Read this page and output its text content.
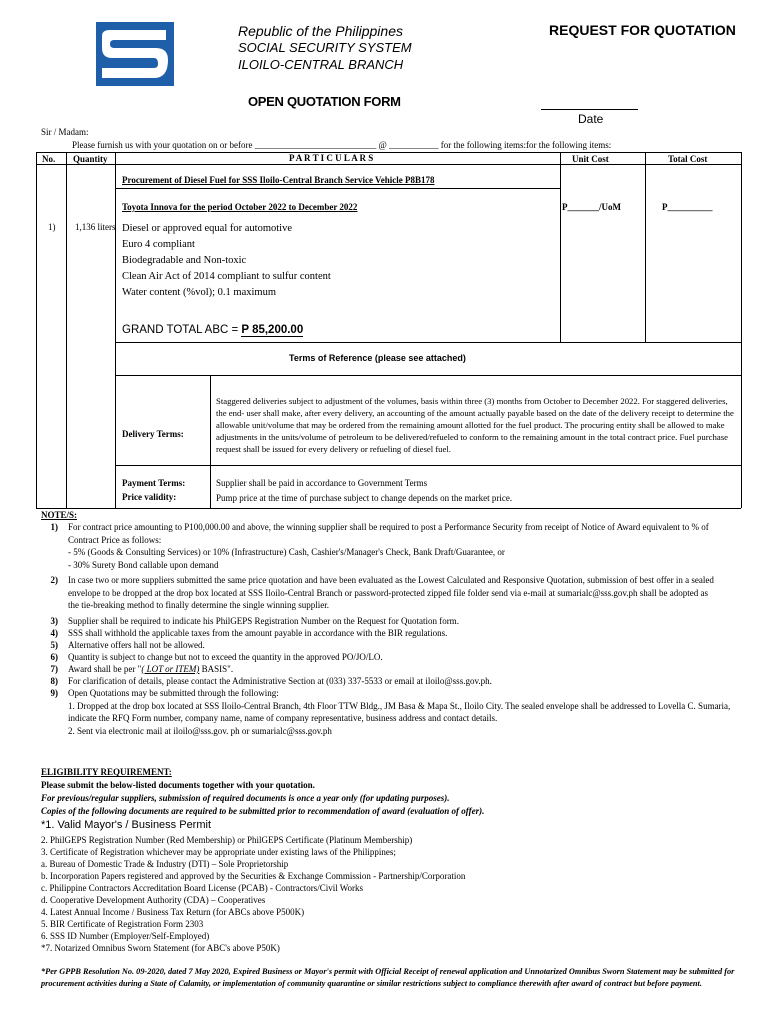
Republic of the Philippines
SOCIAL SECURITY SYSTEM
ILOILO-CENTRAL BRANCH
REQUEST FOR QUOTATION
OPEN QUOTATION FORM
Date
Sir / Madam:
Please furnish us with your quotation on or before ___________________________ @ ___________ for the following items:for the following items:
No. Quantity	P A R T I C U L A R S	Unit Cost	Total Cost
Procurement of Diesel Fuel for SSS Iloilo-Central Branch Service Vehicle P8B178
Toyota Innova for the period October 2022 to December 2022	P_______/UoM	P__________
1) 1,136 liters Diesel or approved equal for automotive
Euro 4 compliant
Biodegradable and Non-toxic
Clean Air Act of 2014 compliant to sulfur content
Water content (%vol); 0.1 maximum
GRAND TOTAL ABC = P 85,200.00
Terms of Reference (please see attached)
Delivery Terms:
Staggered deliveries subject to adjustment of the volumes, basis within three (3) months from October to December 2022. For staggered deliveries, the end- user shall make, after every delivery, an accounting of the amount actually payable based on the date of the delivery receipt to determine the allowable unit/volume that may be ordered from the remaining amount allotted for the fuel product. The procuring entity shall be allowed to make adjustments in the units/volume of petroleum to be delivered/refueled to conform to the remaining amount in the total contract price. Fuel purchase request shall be issued for every delivery or refueling of diesel fuel.
Payment Terms:	Supplier shall be paid in accordance to Government Terms
Price validity:	Pump price at the time of purchase subject to change depends on the market price.
NOTE/S:
1) For contract price amounting to P100,000.00 and above, the winning supplier shall be required to post a Performance Security from receipt of Notice of Award equivalent to % of
Contract Price as follows:
- 5% (Goods & Consulting Services) or 10% (Infrastructure) Cash, Cashier's/Manager's Check, Bank Draft/Guarantee, or
- 30% Surety Bond callable upon demand
2) In case two or more suppliers submitted the same price quotation and have been evaluated as the Lowest Calculated and Responsive Quotation, submission of best offer in a sealed
envelope to be dropped at the drop box located at SSS Iloilo-Central Branch or password-protected zipped file folder send via e-mail at sumarialc@sss.gov.ph shall be adopted as
the tie-breaking method to finally determine the single winning supplier.
3) Supplier shall be required to indicate his PhilGEPS Registration Number on the Request for Quotation form.
4) SSS shall withhold the applicable taxes from the amount payable in accordance with the BIR regulations.
5) Alternative offers hall not be allowed.
6) Quantity is subject to change but not to exceed the quantity in the approved PO/JO/LO.
7) Award shall be per "( LOT or ITEM) BASIS".
8) For clarification of details, please contact the Administrative Section at (033) 337-5533 or email at iloilo@sss.gov.ph.
9) Open Quotations may be submitted through the following:
1. Dropped at the drop box located at SSS Iloilo-Central Branch, 4th Floor TTW Bldg., JM Basa & Mapa St., Iloilo City. The sealed envelope shall be addressed to Lovella C. Sumaria,
indicate the RFQ Form number, company name, name of company representative, business address and contact details.
2. Sent via electronic mail at iloilo@sss.gov. ph or sumarialc@sss.gov.ph
ELIGIBILITY REQUIREMENT:
Please submit the below-listed documents together with your quotation.
For previous/regular suppliers, submission of required documents is once a year only (for updating purposes).
Copies of the following documents are required to be submitted prior to recommendation of award (evaluation of offer).
*1. Valid Mayor's / Business Permit
2. PhilGEPS Registration Number (Red Membership) or PhilGEPS Certificate (Platinum Membership)
3. Certificate of Registration whichever may be appropriate under existing laws of the Philippines;
a. Bureau of Domestic Trade & Industry (DTI) – Sole Proprietorship
b. Incorporation Papers registered and approved by the Securities & Exchange Commission - Partnership/Corporation
c. Philippine Contractors Accreditation Board License (PCAB) - Contractors/Civil Works
d. Cooperative Development Authority (CDA) – Cooperatives
4. Latest Annual Income / Business Tax Return (for ABCs above P500K)
5. BIR Certificate of Registration Form 2303
6. SSS ID Number (Employer/Self-Employed)
*7. Notarized Omnibus Sworn Statement (for ABC's above P50K)
*Per GPPB Resolution No. 09-2020, dated 7 May 2020, Expired Business or Mayor's permit with Official Receipt of renewal application and Unnotarized Omnibus Sworn Statement may be submitted for
procurement activities during a State of Calamity, or implementation of community quarantine or similar restrictions subject to compliance therewith after award of contract but before payment.
